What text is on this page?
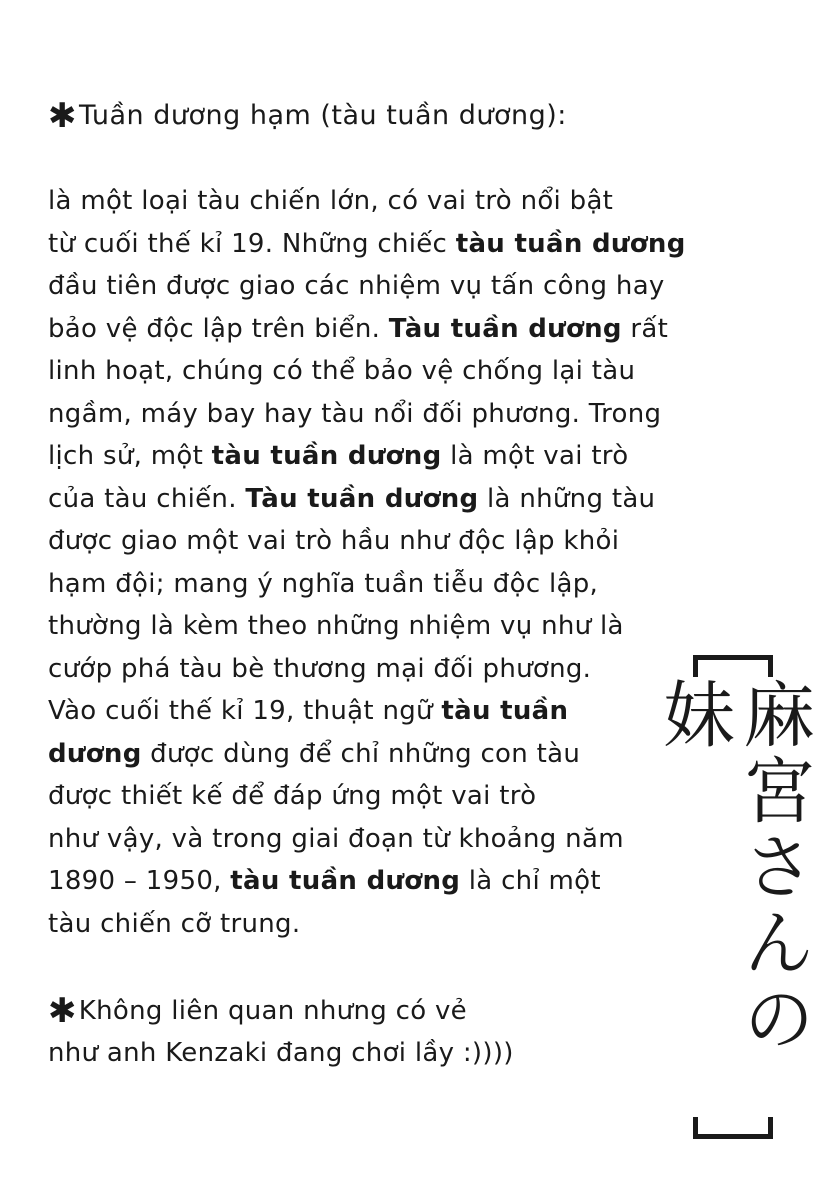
✱Tuần dương hạm (tàu tuần dương):
là một loại tàu chiến lớn, có vai trò nổi bật
từ cuối thế kỉ 19. Những chiếc tàu tuần dương
đầu tiên được giao các nhiệm vụ tấn công hay
bảo vệ độc lập trên biển. Tàu tuần dương rất
linh hoạt, chúng có thể bảo vệ chống lại tàu
ngầm, máy bay hay tàu nổi đối phương. Trong
lịch sử, một tàu tuần dương là một vai trò
của tàu chiến. Tàu tuần dương là những tàu
được giao một vai trò hầu như độc lập khỏi
hạm đội; mang ý nghĩa tuần tiễu độc lập,
thường là kèm theo những nhiệm vụ như là
cướp phá tàu bè thương mại đối phương.
Vào cuối thế kỉ 19, thuật ngữ tàu tuần
dương được dùng để chỉ những con tàu
được thiết kế để đáp ứng một vai trò
như vậy, và trong giai đoạn từ khoảng năm
1890 – 1950, tàu tuần dương là chỉ một
tàu chiến cỡ trung.
✱Không liên quan nhưng có vẻ
như anh Kenzaki đang chơi lầy :))))	麻宮さんの妹
